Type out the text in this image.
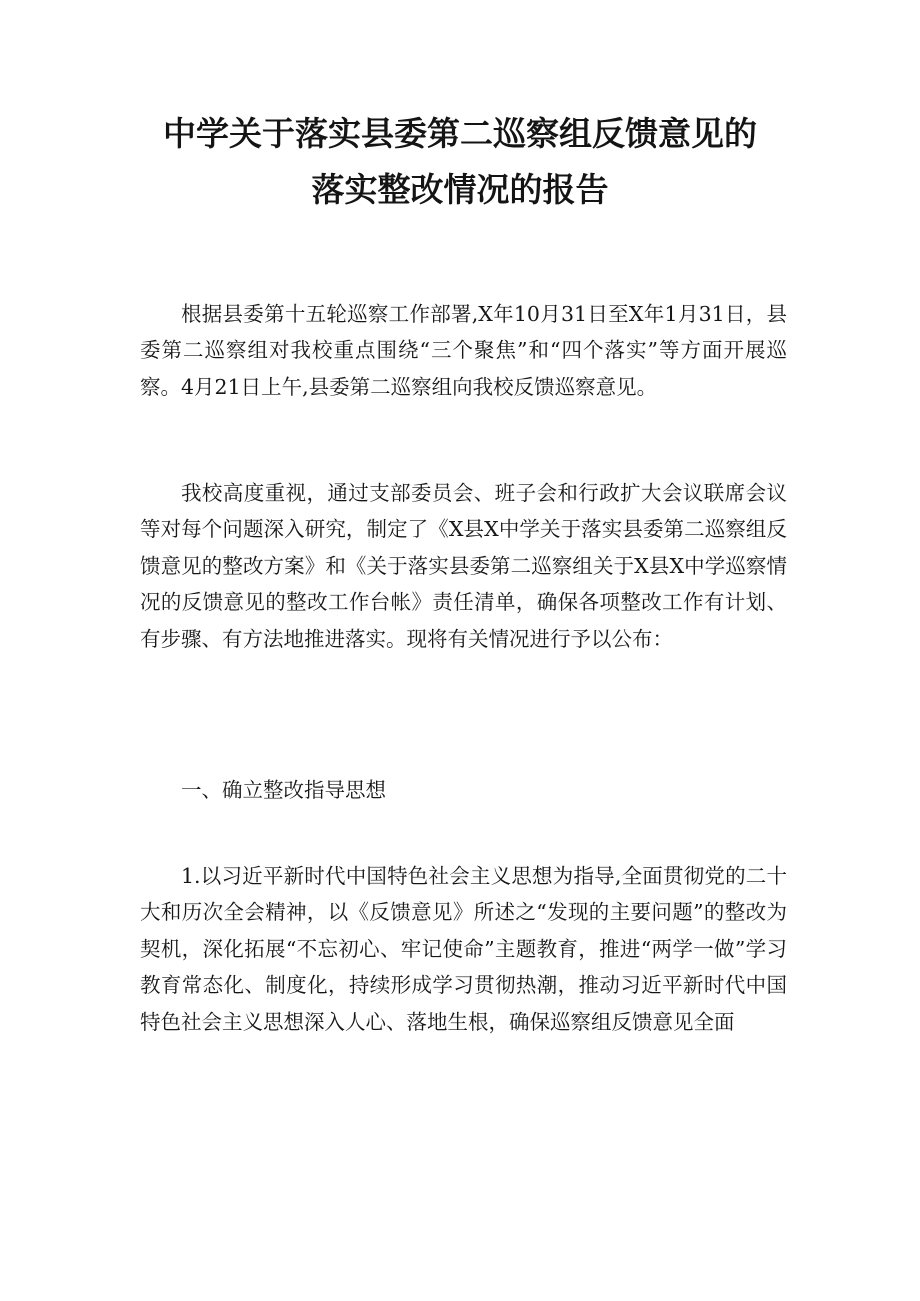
中学关于落实县委第二巡察组反馈意见的
落实整改情况的报告

根据县委第十五轮巡察工作部署,X年10月31日至X年1月31日，县委第二巡察组对我校重点围绕“三个聚焦”和“四个落实”等方面开展巡察。4月21日上午,县委第二巡察组向我校反馈巡察意见。

我校高度重视，通过支部委员会、班子会和行政扩大会议联席会议等对每个问题深入研究，制定了《X县X中学关于落实县委第二巡察组反馈意见的整改方案》和《关于落实县委第二巡察组关于X县X中学巡察情况的反馈意见的整改工作台帐》责任清单，确保各项整改工作有计划、有步骤、有方法地推进落实。现将有关情况进行予以公布：

一、确立整改指导思想

1.以习近平新时代中国特色社会主义思想为指导,全面贯彻党的二十大和历次全会精神，以《反馈意见》所述之“发现的主要问题”的整改为契机，深化拓展“不忘初心、牢记使命”主题教育，推进“两学一做”学习教育常态化、制度化，持续形成学习贯彻热潮，推动习近平新时代中国特色社会主义思想深入人心、落地生根，确保巡察组反馈意见全面
